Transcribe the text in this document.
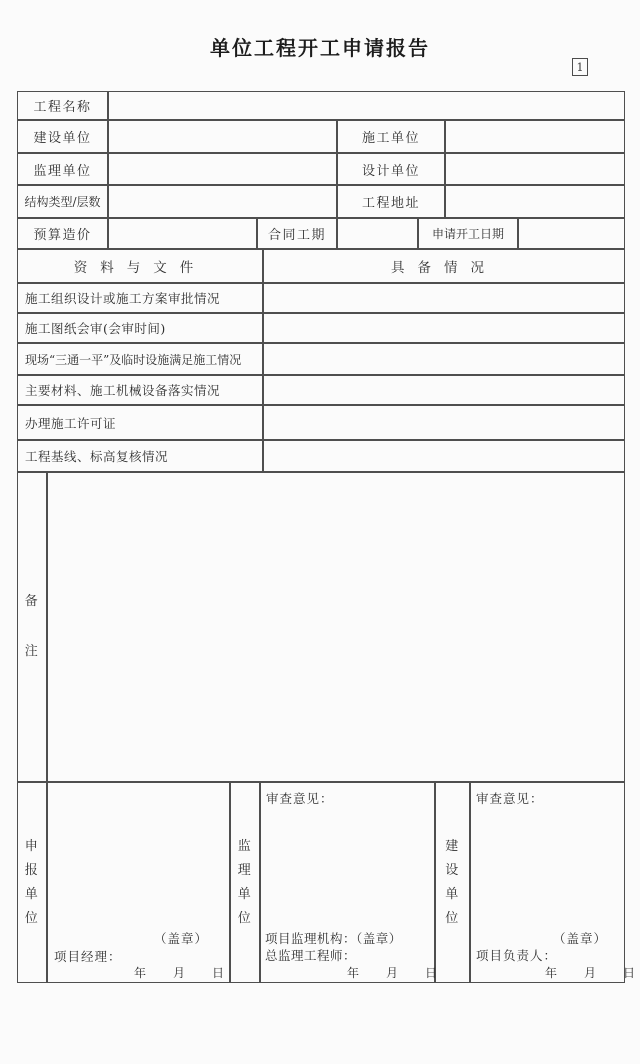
单位工程开工申请报告
1
工程名称
建设单位	施工单位
监理单位	设计单位
结构类型/层数	工程地址
预算造价	合同工期	申请开工日期
资料与文件	具备情况
施工组织设计或施工方案审批情况
施工图纸会审(会审时间)
现场“三通一平”及临时设施满足施工情况
主要材料、施工机械设备落实情况
办理施工许可证
工程基线、标高复核情况
备注
申报单位
（盖章）
项目经理：
年　　月　　日
监理单位
审查意见：
项目监理机构：（盖章）
总监理工程师：
年　　月　　日
建设单位
审查意见：
（盖章）
项目负责人：
年　　月　　日
